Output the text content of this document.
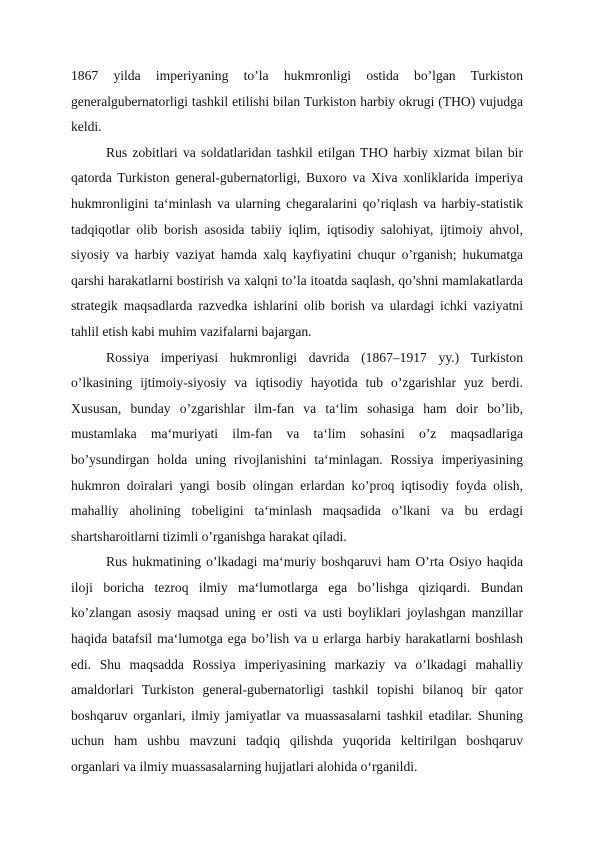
1867 yilda imperiyaning to’la hukmronligi ostida bo’lgan Turkiston generalgubernatorligi tashkil etilishi bilan Turkiston harbiy okrugi (THO) vujudga keldi.

Rus zobitlari va soldatlaridan tashkil etilgan THO harbiy xizmat bilan bir qatorda Turkiston general-gubernatorligi, Buxoro va Xiva xonliklarida imperiya hukmronligini ta‘minlash va ularning chegaralarini qo’riqlash va harbiy-statistik tadqiqotlar olib borish asosida tabiiy iqlim, iqtisodiy salohiyat, ijtimoiy ahvol, siyosiy va harbiy vaziyat hamda xalq kayfiyatini chuqur o’rganish; hukumatga qarshi harakatlarni bostirish va xalqni to’la itoatda saqlash, qo’shni mamlakatlarda strategik maqsadlarda razvedka ishlarini olib borish va ulardagi ichki vaziyatni tahlil etish kabi muhim vazifalarni bajargan.

Rossiya imperiyasi hukmronligi davrida (1867–1917 yy.) Turkiston o’lkasining ijtimoiy-siyosiy va iqtisodiy hayotida tub o’zgarishlar yuz berdi. Xususan, bunday o’zgarishlar ilm-fan va ta‘lim sohasiga ham doir bo’lib, mustamlaka ma‘muriyati ilm-fan va ta‘lim sohasini o’z maqsadlariga bo’ysundirgan holda uning rivojlanishini ta‘minlagan. Rossiya imperiyasining hukmron doiralari yangi bosib olingan erlardan ko’proq iqtisodiy foyda olish, mahalliy aholining tobeligini ta‘minlash maqsadida o’lkani va bu erdagi shartsharoitlarni tizimli o’rganishga harakat qiladi.

Rus hukmatining o’lkadagi ma‘muriy boshqaruvi ham O’rta Osiyo haqida iloji boricha tezroq ilmiy ma‘lumotlarga ega bo’lishga qiziqardi. Bundan ko’zlangan asosiy maqsad uning er osti va usti boyliklari joylashgan manzillar haqida batafsil ma‘lumotga ega bo’lish va u erlarga harbiy harakatlarni boshlash edi. Shu maqsadda Rossiya imperiyasining markaziy va o’lkadagi mahalliy amaldorlari Turkiston general-gubernatorligi tashkil topishi bilanoq bir qator boshqaruv organlari, ilmiy jamiyatlar va muassasalarni tashkil etadilar. Shuning uchun ham ushbu mavzuni tadqiq qilishda yuqorida keltirilgan boshqaruv organlari va ilmiy muassasalarning hujjatlari alohida o‘rganildi.
